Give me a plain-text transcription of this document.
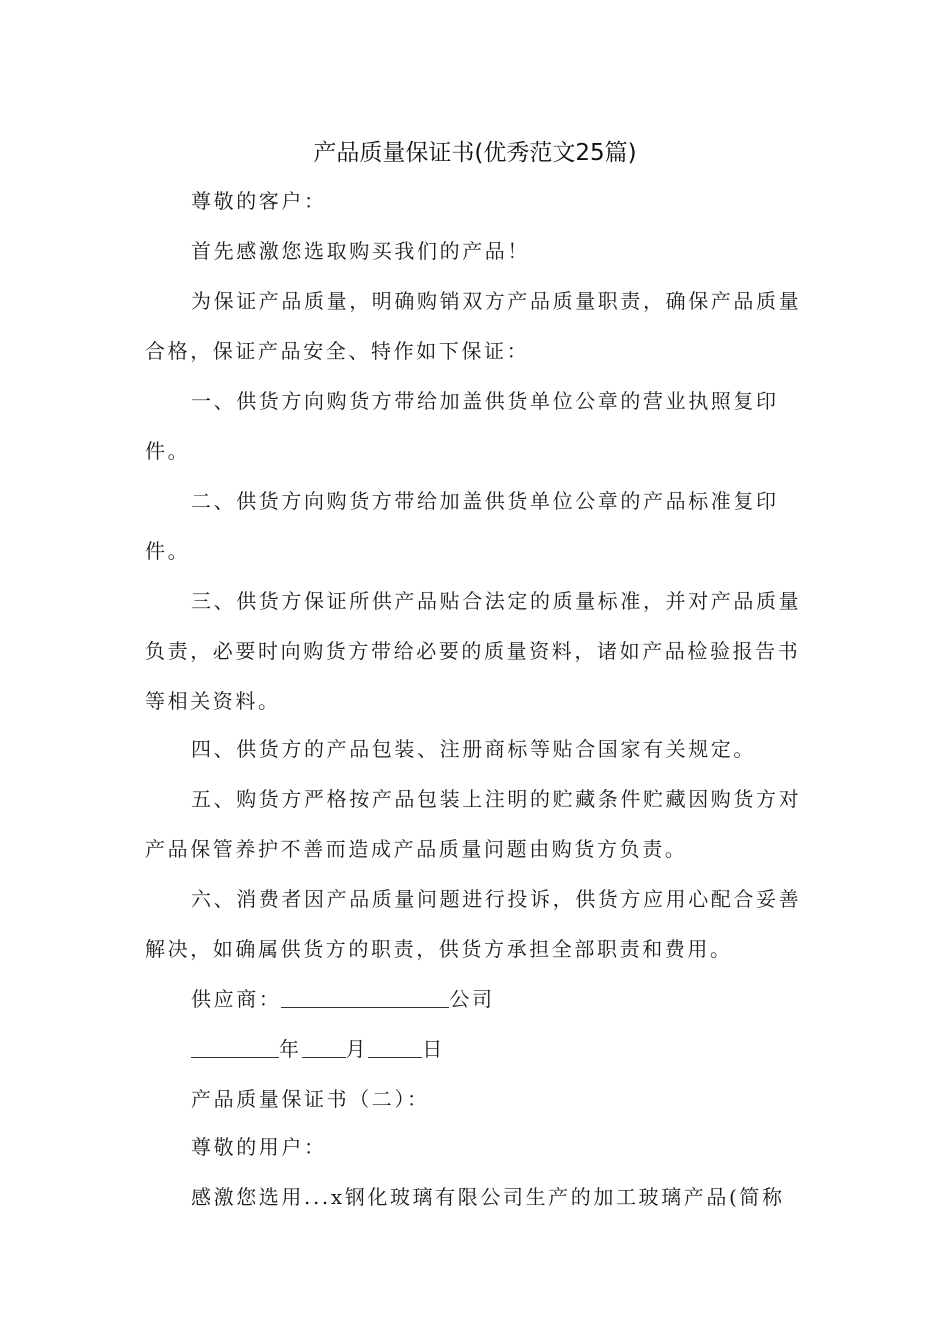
产品质量保证书(优秀范文25篇)
尊敬的客户：
首先感激您选取购买我们的产品！
为保证产品质量，明确购销双方产品质量职责，确保产品质量合格，保证产品安全、特作如下保证：
一、供货方向购货方带给加盖供货单位公章的营业执照复印件。
二、供货方向购货方带给加盖供货单位公章的产品标准复印件。
三、供货方保证所供产品贴合法定的质量标准，并对产品质量负责，必要时向购货方带给必要的质量资料，诸如产品检验报告书等相关资料。
四、供货方的产品包装、注册商标等贴合国家有关规定。
五、购货方严格按产品包装上注明的贮藏条件贮藏因购货方对产品保管养护不善而造成产品质量问题由购货方负责。
六、消费者因产品质量问题进行投诉，供货方应用心配合妥善解决，如确属供货方的职责，供货方承担全部职责和费用。
供应商：	公司
年 月	日
产品质量保证书（二）：
尊敬的用户：
感激您选用...x钢化玻璃有限公司生产的加工玻璃产品(简称
